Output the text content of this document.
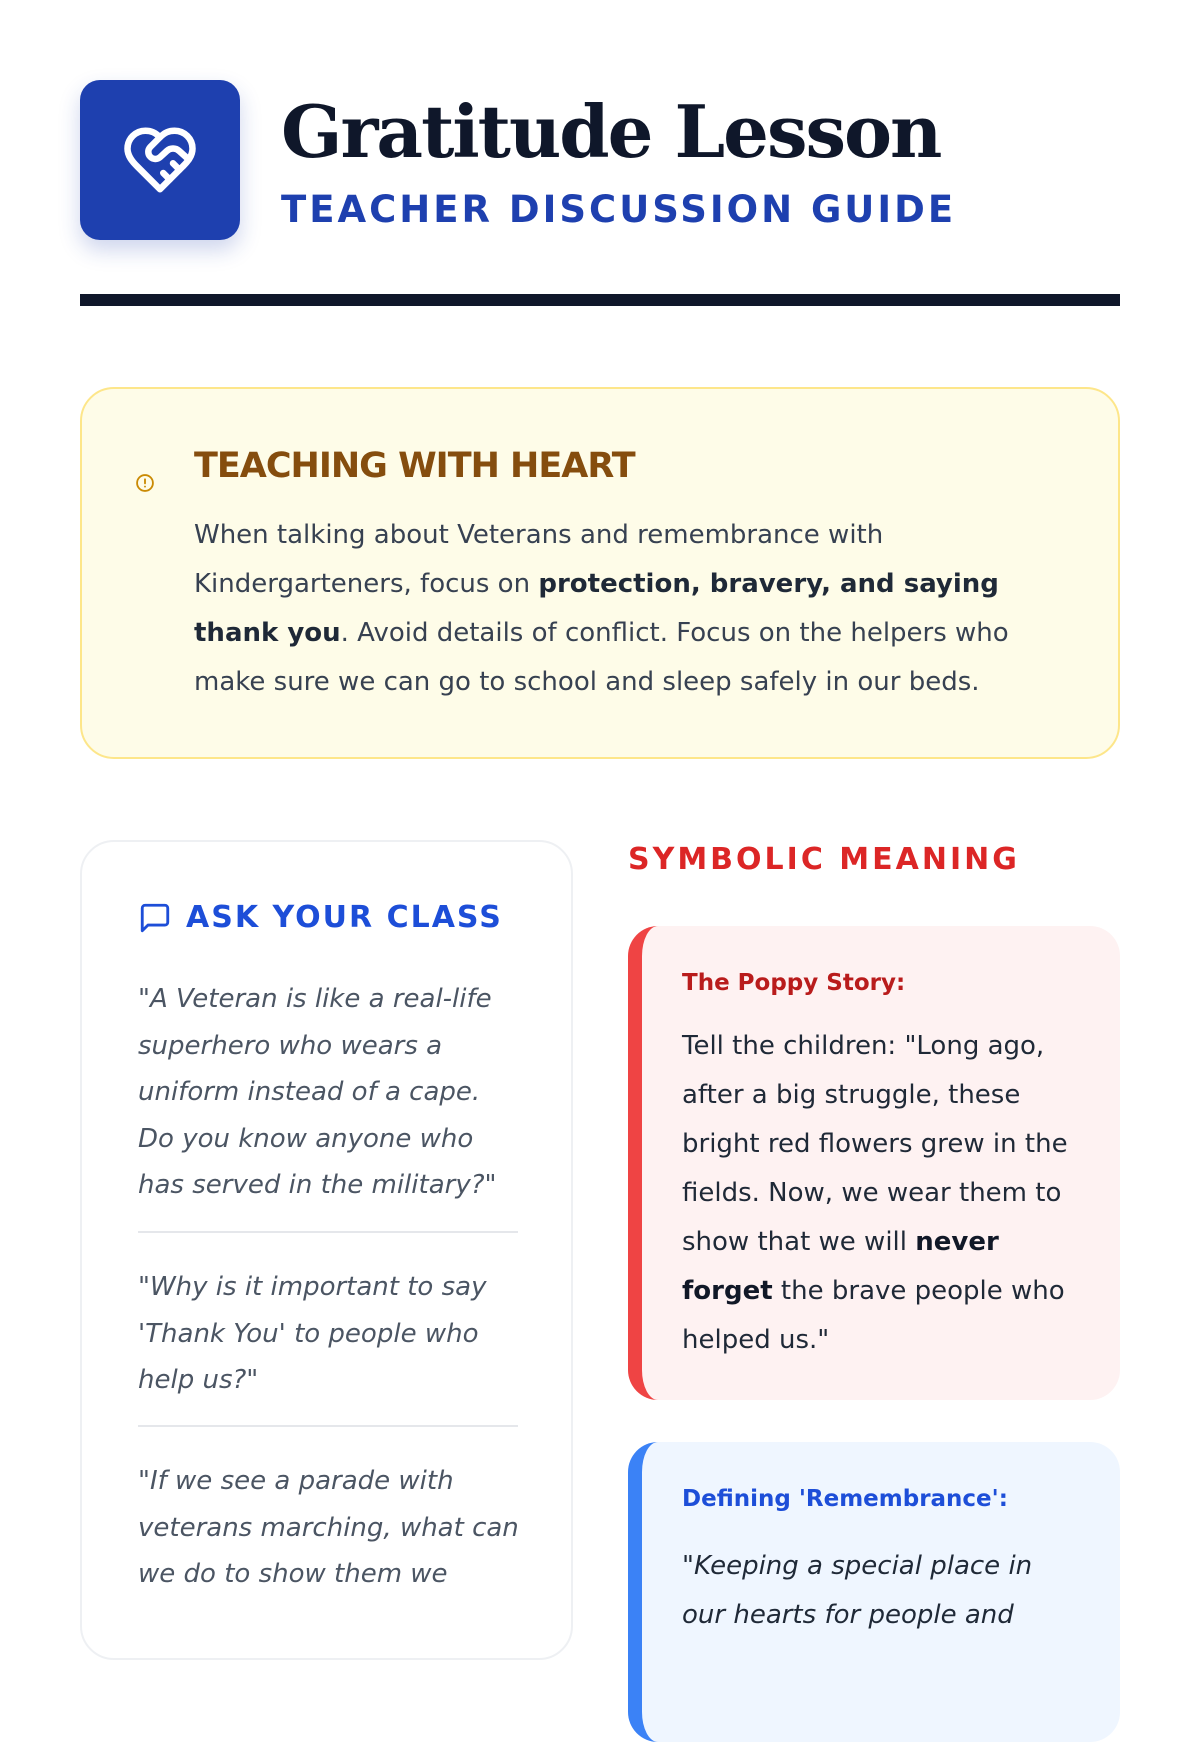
Gratitude Lesson
TEACHER DISCUSSION GUIDE
TEACHING WITH HEART

When talking about Veterans and remembrance with Kindergarteners, focus on protection, bravery, and saying thank you. Avoid details of conflict. Focus on the helpers who make sure we can go to school and sleep safely in our beds.

ASK YOUR CLASS

"A Veteran is like a real-life superhero who wears a uniform instead of a cape. Do you know anyone who has served in the military?"

"Why is it important to say 'Thank You' to people who help us?"

"If we see a parade with veterans marching, what can we do to show them we

SYMBOLIC MEANING
The Poppy Story:

Tell the children: "Long ago, after a big struggle, these bright red flowers grew in the fields. Now, we wear them to show that we will never forget the brave people who helped us."

Defining 'Remembrance':

"Keeping a special place in our hearts for people and
